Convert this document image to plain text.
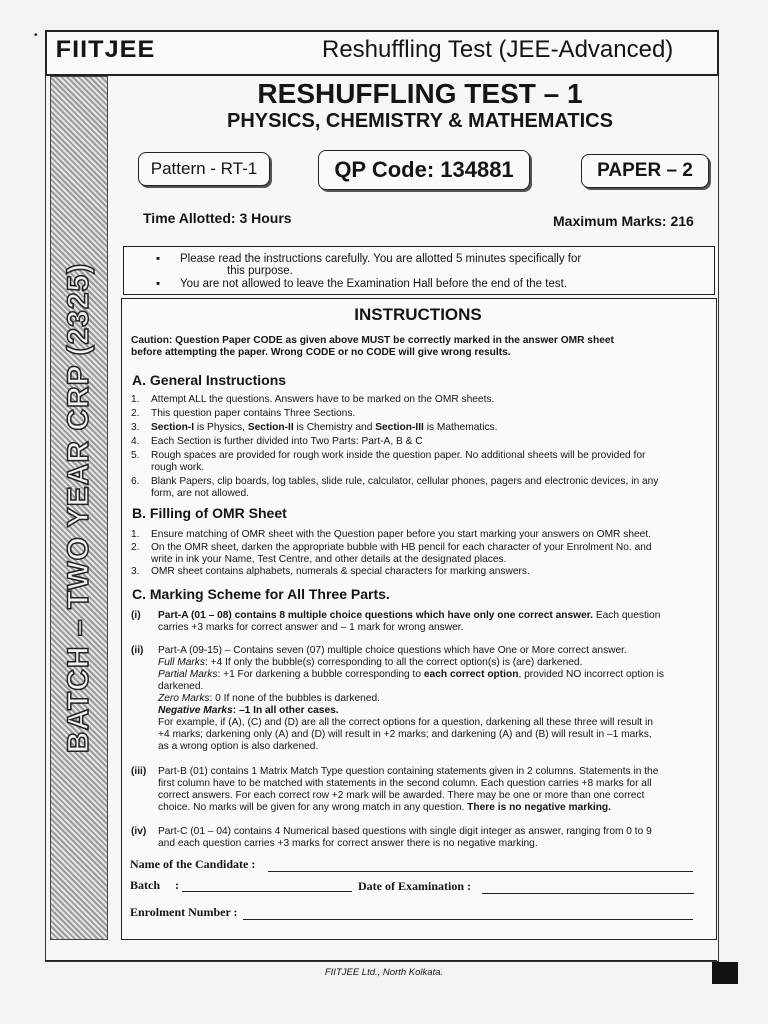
•
FIITJEE	Reshuffling Test (JEE-Advanced)
BATCH – TWO YEAR CRP (2325)
RESHUFFLING TEST – 1
PHYSICS, CHEMISTRY & MATHEMATICS
Pattern - RT-1	QP Code: 134881	PAPER – 2
Time Allotted: 3 Hours	Maximum Marks: 216
▪ Please read the instructions carefully. You are allotted 5 minutes specifically for
this purpose.
▪ You are not allowed to leave the Examination Hall before the end of the test.
INSTRUCTIONS
Caution: Question Paper CODE as given above MUST be correctly marked in the answer OMR sheet
before attempting the paper. Wrong CODE or no CODE will give wrong results.
A. General Instructions
1. Attempt ALL the questions. Answers have to be marked on the OMR sheets.
2. This question paper contains Three Sections.
3. Section-I is Physics, Section-II is Chemistry and Section-III is Mathematics.
4. Each Section is further divided into Two Parts: Part-A, B & C
5. Rough spaces are provided for rough work inside the question paper. No additional sheets will be provided for
rough work.
6. Blank Papers, clip boards, log tables, slide rule, calculator, cellular phones, pagers and electronic devices, in any
form, are not allowed.
B. Filling of OMR Sheet
1. Ensure matching of OMR sheet with the Question paper before you start marking your answers on OMR sheet.
2. On the OMR sheet, darken the appropriate bubble with HB pencil for each character of your Enrolment No. and
write in ink your Name, Test Centre, and other details at the designated places.
3. OMR sheet contains alphabets, numerals & special characters for marking answers.
C. Marking Scheme for All Three Parts.
(i) Part-A (01 – 08) contains 8 multiple choice questions which have only one correct answer. Each question
carries +3 marks for correct answer and – 1 mark for wrong answer.
(ii) Part-A (09-15) – Contains seven (07) multiple choice questions which have One or More correct answer.
Full Marks: +4 If only the bubble(s) corresponding to all the correct option(s) is (are) darkened.
Partial Marks: +1 For darkening a bubble corresponding to each correct option, provided NO incorrect option is
darkened.
Zero Marks: 0 If none of the bubbles is darkened.
Negative Marks: –1 In all other cases.
For example, if (A), (C) and (D) are all the correct options for a question, darkening all these three will result in
+4 marks; darkening only (A) and (D) will result in +2 marks; and darkening (A) and (B) will result in –1 marks,
as a wrong option is also darkened.
(iii) Part-B (01) contains 1 Matrix Match Type question containing statements given in 2 columns. Statements in the
first column have to be matched with statements in the second column. Each question carries +8 marks for all
correct answers. For each correct row +2 mark will be awarded. There may be one or more than one correct
choice. No marks will be given for any wrong match in any question. There is no negative marking.
(iv) Part-C (01 – 04) contains 4 Numerical based questions with single digit integer as answer, ranging from 0 to 9
and each question carries +3 marks for correct answer there is no negative marking.
Name of the Candidate :
Batch :	Date of Examination :
Enrolment Number :
FIITJEE Ltd., North Kolkata.
